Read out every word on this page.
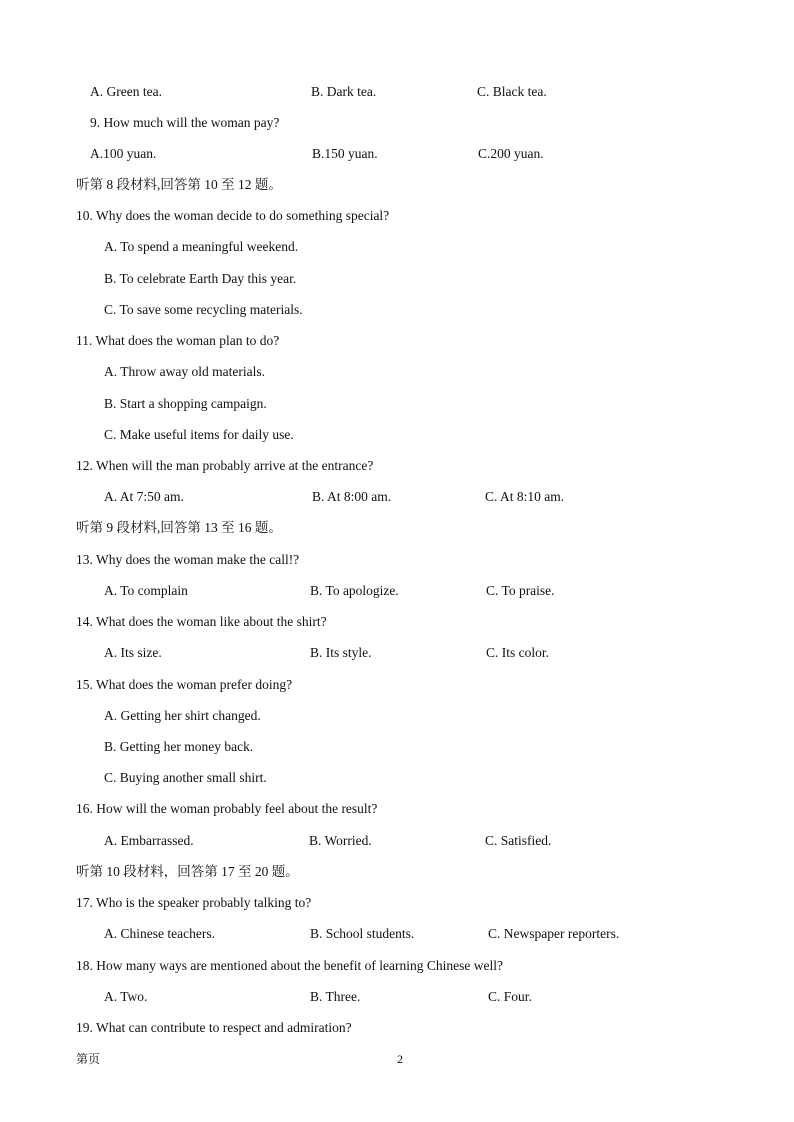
A. Green tea.	B. Dark tea.	C. Black tea.
9. How much will the woman pay?
A.100 yuan.	B.150 yuan.	C.200 yuan.
听第 8 段材料,回答第 10 至 12 题。
10. Why does the woman decide to do something special?
A. To spend a meaningful weekend.
B. To celebrate Earth Day this year.
C. To save some recycling materials.
11. What does the woman plan to do?
A. Throw away old materials.
B. Start a shopping campaign.
C. Make useful items for daily use.
12. When will the man probably arrive at the entrance?
A. At 7:50 am.	B. At 8:00 am.	C. At 8:10 am.
听第 9 段材料,回答第 13 至 16 题。
13. Why does the woman make the call!?
A. To complain	B. To apologize.	C. To praise.
14. What does the woman like about the shirt?
A. Its size.	B. Its style.	C. Its color.
15. What does the woman prefer doing?
A. Getting her shirt changed.
B. Getting her money back.
C. Buying another small shirt.
16. How will the woman probably feel about the result?
A. Embarrassed.	B. Worried.	C. Satisfied.
听第 10 段材料，回答第 17 至 20 题。
17. Who is the speaker probably talking to?
A. Chinese teachers.	B. School students.	C. Newspaper reporters.
18. How many ways are mentioned about the benefit of learning Chinese well?
A. Two.	B. Three.	C. Four.
19. What can contribute to respect and admiration?
第页	2
